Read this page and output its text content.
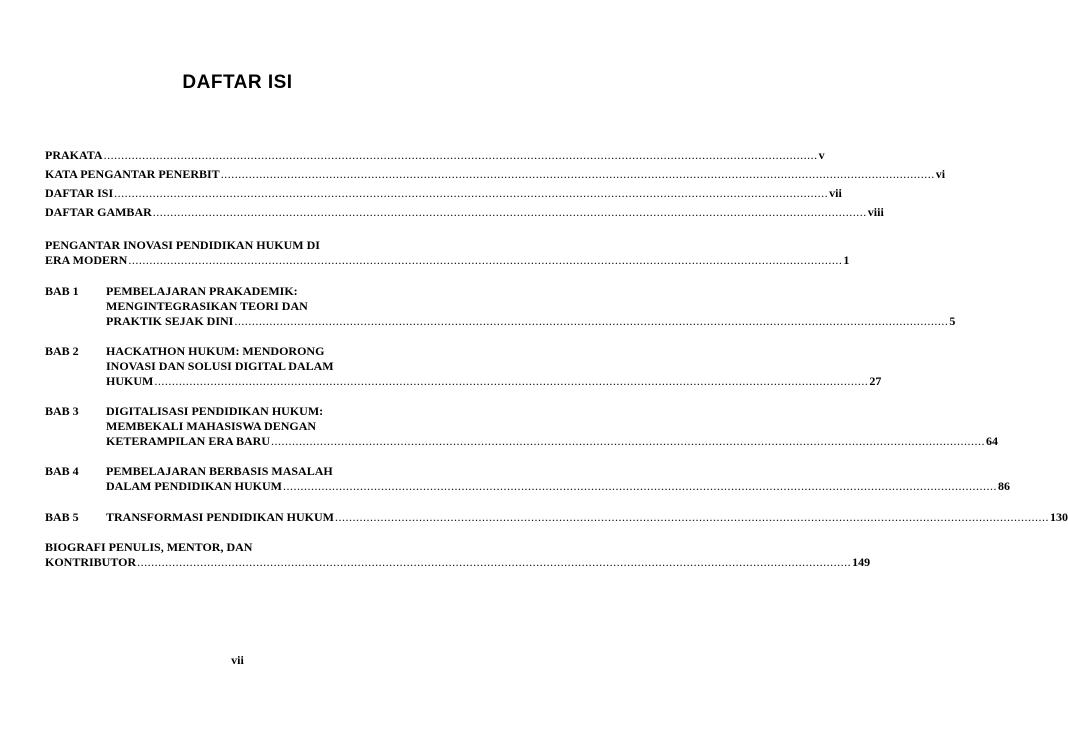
DAFTAR ISI
PRAKATA .....	v
KATA PENGANTAR PENERBIT .....	vi
DAFTAR ISI .....	vii
DAFTAR GAMBAR .....	viii
PENGANTAR INOVASI PENDIDIKAN HUKUM DI
ERA MODERN .....	1
BAB 1	PEMBELAJARAN PRAKADEMIK:
MENGINTEGRASIKAN TEORI DAN
PRAKTIK SEJAK DINI .....	5
BAB 2	HACKATHON HUKUM: MENDORONG
INOVASI DAN SOLUSI DIGITAL DALAM
HUKUM .....	27
BAB 3	DIGITALISASI PENDIDIKAN HUKUM:
MEMBEKALI MAHASISWA DENGAN
KETERAMPILAN ERA BARU .....	64
BAB 4	PEMBELAJARAN BERBASIS MASALAH
DALAM PENDIDIKAN HUKUM .....	86
BAB 5	TRANSFORMASI PENDIDIKAN HUKUM .....	130
BIOGRAFI PENULIS, MENTOR, DAN
KONTRIBUTOR .....	149
vii
